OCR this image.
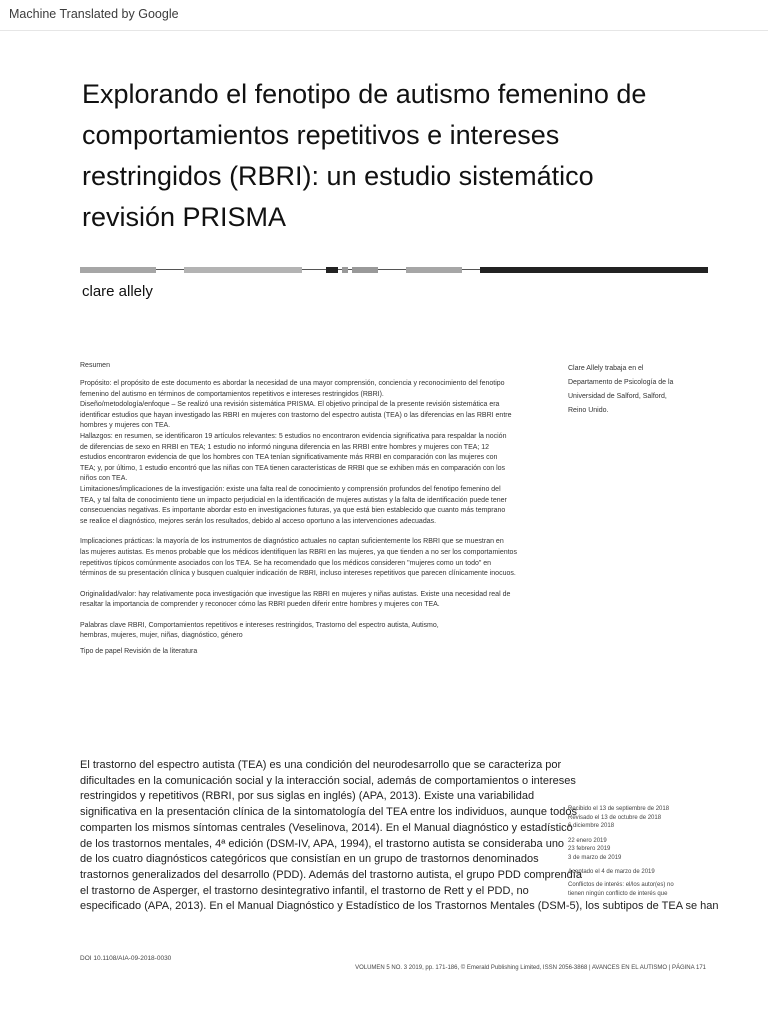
Machine Translated by Google
Explorando el fenotipo de autismo femenino de
comportamientos repetitivos e intereses
restringidos (RBRI): un estudio sistemático
revisión PRISMA
clare allely
Resumen
Propósito: el propósito de este documento es abordar la necesidad de una mayor comprensión, conciencia y reconocimiento del fenotipo
femenino del autismo en términos de comportamientos repetitivos e intereses restringidos (RBRI).
Diseño/metodología/enfoque – Se realizó una revisión sistemática PRISMA. El objetivo principal de la presente revisión sistemática era
identificar estudios que hayan investigado las RBRI en mujeres con trastorno del espectro autista (TEA) o las diferencias en las RBRI entre
hombres y mujeres con TEA.
Hallazgos: en resumen, se identificaron 19 artículos relevantes: 5 estudios no encontraron evidencia significativa para respaldar la noción
de diferencias de sexo en RRBI en TEA; 1 estudio no informó ninguna diferencia en las RRBI entre hombres y mujeres con TEA; 12
estudios encontraron evidencia de que los hombres con TEA tenían significativamente más RRBI en comparación con las mujeres con
TEA; y, por último, 1 estudio encontró que las niñas con TEA tienen características de RRBI que se exhiben más en comparación con los
niños con TEA.
Limitaciones/implicaciones de la investigación: existe una falta real de conocimiento y comprensión profundos del fenotipo femenino del
TEA, y tal falta de conocimiento tiene un impacto perjudicial en la identificación de mujeres autistas y la falta de identificación puede tener
consecuencias negativas. Es importante abordar esto en investigaciones futuras, ya que está bien establecido que cuanto más temprano
se realice el diagnóstico, mejores serán los resultados, debido al acceso oportuno a las intervenciones adecuadas.
Implicaciones prácticas: la mayoría de los instrumentos de diagnóstico actuales no captan suficientemente los RBRI que se muestran en
las mujeres autistas. Es menos probable que los médicos identifiquen las RBRI en las mujeres, ya que tienden a no ser los comportamientos
repetitivos típicos comúnmente asociados con los TEA. Se ha recomendado que los médicos consideren "mujeres como un todo" en
términos de su presentación clínica y busquen cualquier indicación de RBRI, incluso intereses repetitivos que parecen clínicamente inocuos.
Originalidad/valor: hay relativamente poca investigación que investigue las RBRI en mujeres y niñas autistas. Existe una necesidad real de
resaltar la importancia de comprender y reconocer cómo las RBRI pueden diferir entre hombres y mujeres con TEA.
Palabras clave RBRI, Comportamientos repetitivos e intereses restringidos, Trastorno del espectro autista, Autismo,
hembras, mujeres, mujer, niñas, diagnóstico, género
Tipo de papel Revisión de la literatura
Clare Allely trabaja en el
Departamento de Psicología de la
Universidad de Salford, Salford,
Reino Unido.
El trastorno del espectro autista (TEA) es una condición del neurodesarrollo que se caracteriza por
dificultades en la comunicación social y la interacción social, además de comportamientos o intereses
restringidos y repetitivos (RBRI, por sus siglas en inglés) (APA, 2013). Existe una variabilidad
significativa en la presentación clínica de la sintomatología del TEA entre los individuos, aunque todos
comparten los mismos síntomas centrales (Veselinova, 2014). En el Manual diagnóstico y estadístico
de los trastornos mentales, 4ª edición (DSM-IV, APA, 1994), el trastorno autista se consideraba uno
de los cuatro diagnósticos categóricos que consistían en un grupo de trastornos denominados
trastornos generalizados del desarrollo (PDD). Además del trastorno autista, el grupo PDD comprendía
el trastorno de Asperger, el trastorno desintegrativo infantil, el trastorno de Rett y el PDD, no
especificado (APA, 2013). En el Manual Diagnóstico y Estadístico de los Trastornos Mentales (DSM-5), los subtipos de TEA se han
Recibido el 13 de septiembre de 2018
Revisado el 13 de octubre de 2018
6 diciembre 2018
22 enero 2019
23 febrero 2019
3 de marzo de 2019
Aceptado el 4 de marzo de 2019
Conflictos de interés: el/los autor(es) no
tienen ningún conflicto de interés que
DOI 10.1108/AIA-09-2018-0030
VOLUMEN 5 NO. 3 2019, pp. 171-186, © Emerald Publishing Limited, ISSN 2056-3868 | AVANCES EN EL AUTISMO | PÁGINA 171
